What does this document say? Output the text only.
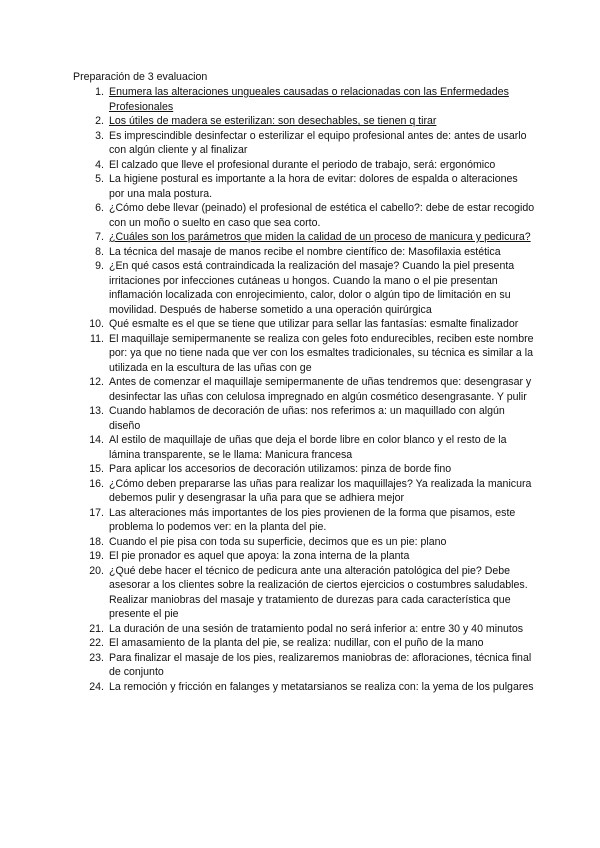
Preparación de 3 evaluacion
1. Enumera las alteraciones ungueales causadas o relacionadas con las Enfermedades Profesionales
2. Los útiles de madera se esterilizan: son desechables, se tienen q tirar
3. Es imprescindible desinfectar o esterilizar el equipo profesional antes de: antes de usarlo con algún cliente y al finalizar
4. El calzado que lleve el profesional durante el periodo de trabajo, será: ergonómico
5. La higiene postural es importante a la hora de evitar: dolores de espalda o alteraciones por una mala postura.
6. ¿Cómo debe llevar (peinado) el profesional de estética el cabello?: debe de estar recogido con un moño o suelto en caso que sea corto.
7. ¿Cuáles son los parámetros que miden la calidad de un proceso de manicura y pedicura?
8. La técnica del masaje de manos recibe el nombre científico de: Masofilaxia estética
9. ¿En qué casos está contraindicada la realización del masaje? Cuando la piel presenta irritaciones por infecciones cutáneas u hongos. Cuando la mano o el pie presentan inflamación localizada con enrojecimiento, calor, dolor o algún tipo de limitación en su movilidad. Después de haberse sometido a una operación quirúrgica
10. Qué esmalte es el que se tiene que utilizar para sellar las fantasías: esmalte finalizador
11. El maquillaje semipermanente se realiza con geles foto endurecibles, reciben este nombre por: ya que no tiene nada que ver con los esmaltes tradicionales, su técnica es similar a la utilizada en la escultura de las uñas con ge
12. Antes de comenzar el maquillaje semipermanente de uñas tendremos que: desengrasar y desinfectar las uñas con celulosa impregnado en algún cosmético desengrasante. Y pulir
13. Cuando hablamos de decoración de uñas: nos referimos a: un maquillado con algún diseño
14. Al estilo de maquillaje de uñas que deja el borde libre en color blanco y el resto de la lámina transparente, se le llama: Manicura francesa
15. Para aplicar los accesorios de decoración utilizamos: pinza de borde fino
16. ¿Cómo deben prepararse las uñas para realizar los maquillajes? Ya realizada la manicura debemos pulir y desengrasar la uña para que se adhiera mejor
17. Las alteraciones más importantes de los pies provienen de la forma que pisamos, este problema lo podemos ver: en la planta del pie.
18. Cuando el pie pisa con toda su superficie, decimos que es un pie: plano
19. El pie pronador es aquel que apoya: la zona interna de la planta
20. ¿Qué debe hacer el técnico de pedicura ante una alteración patológica del pie? Debe asesorar a los clientes sobre la realización de ciertos ejercicios o costumbres saludables. Realizar maniobras del masaje y tratamiento de durezas para cada característica que presente el pie
21. La duración de una sesión de tratamiento podal no será inferior a: entre 30 y 40 minutos
22. El amasamiento de la planta del pie, se realiza: nudillar, con el puño de la mano
23. Para finalizar el masaje de los pies, realizaremos maniobras de: afloraciones, técnica final de conjunto
24. La remoción y fricción en falanges y metatarsianos se realiza con: la yema de los pulgares
